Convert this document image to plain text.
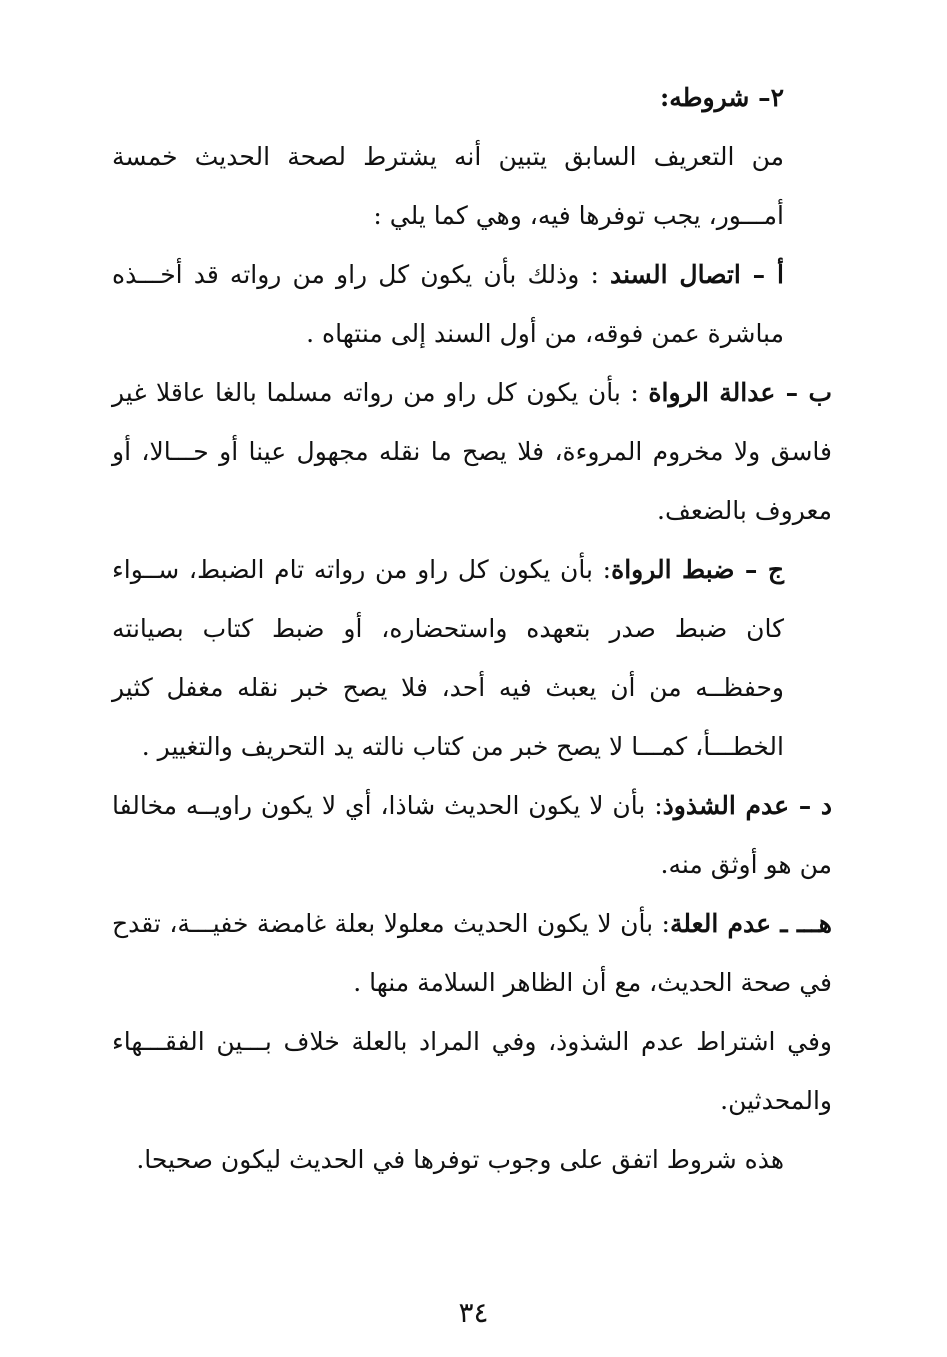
٢– شروطه:

من التعريف السابق يتبين أنه يشترط لصحة الحديث خمسة أمـــور، يجب توفرها فيه، وهي كما يلي :

أ – اتصال السند : وذلك بأن يكون كل راو من رواته قد أخـــذه مباشرة عمن فوقه، من أول السند إلى منتهاه .

ب – عدالة الرواة : بأن يكون كل راو من رواته مسلما بالغا عاقلا غير فاسق ولا مخروم المروءة، فلا يصح ما نقله مجهول عينا أو حـــالا، أو معروف بالضعف.

ج – ضبط الرواة: بأن يكون كل راو من رواته تام الضبط، ســواء كان ضبط صدر بتعهده واستحضاره، أو ضبط كتاب بصيانته وحفظــه من أن يعبث فيه أحد، فلا يصح خبر نقله مغفل كثير الخطـــأ، كمـــا لا يصح خبر من كتاب نالته يد التحريف والتغيير .

د – عدم الشذوذ: بأن لا يكون الحديث شاذا، أي لا يكون راويــه مخالفا من هو أوثق منه.

هـــ ـ عدم العلة: بأن لا يكون الحديث معلولا بعلة غامضة خفيـــة، تقدح في صحة الحديث، مع أن الظاهر السلامة منها .

وفي اشتراط عدم الشذوذ، وفي المراد بالعلة خلاف بـــين الفقـــهاء والمحدثين.

هذه شروط اتفق على وجوب توفرها في الحديث ليكون صحيحا.

٣٤
